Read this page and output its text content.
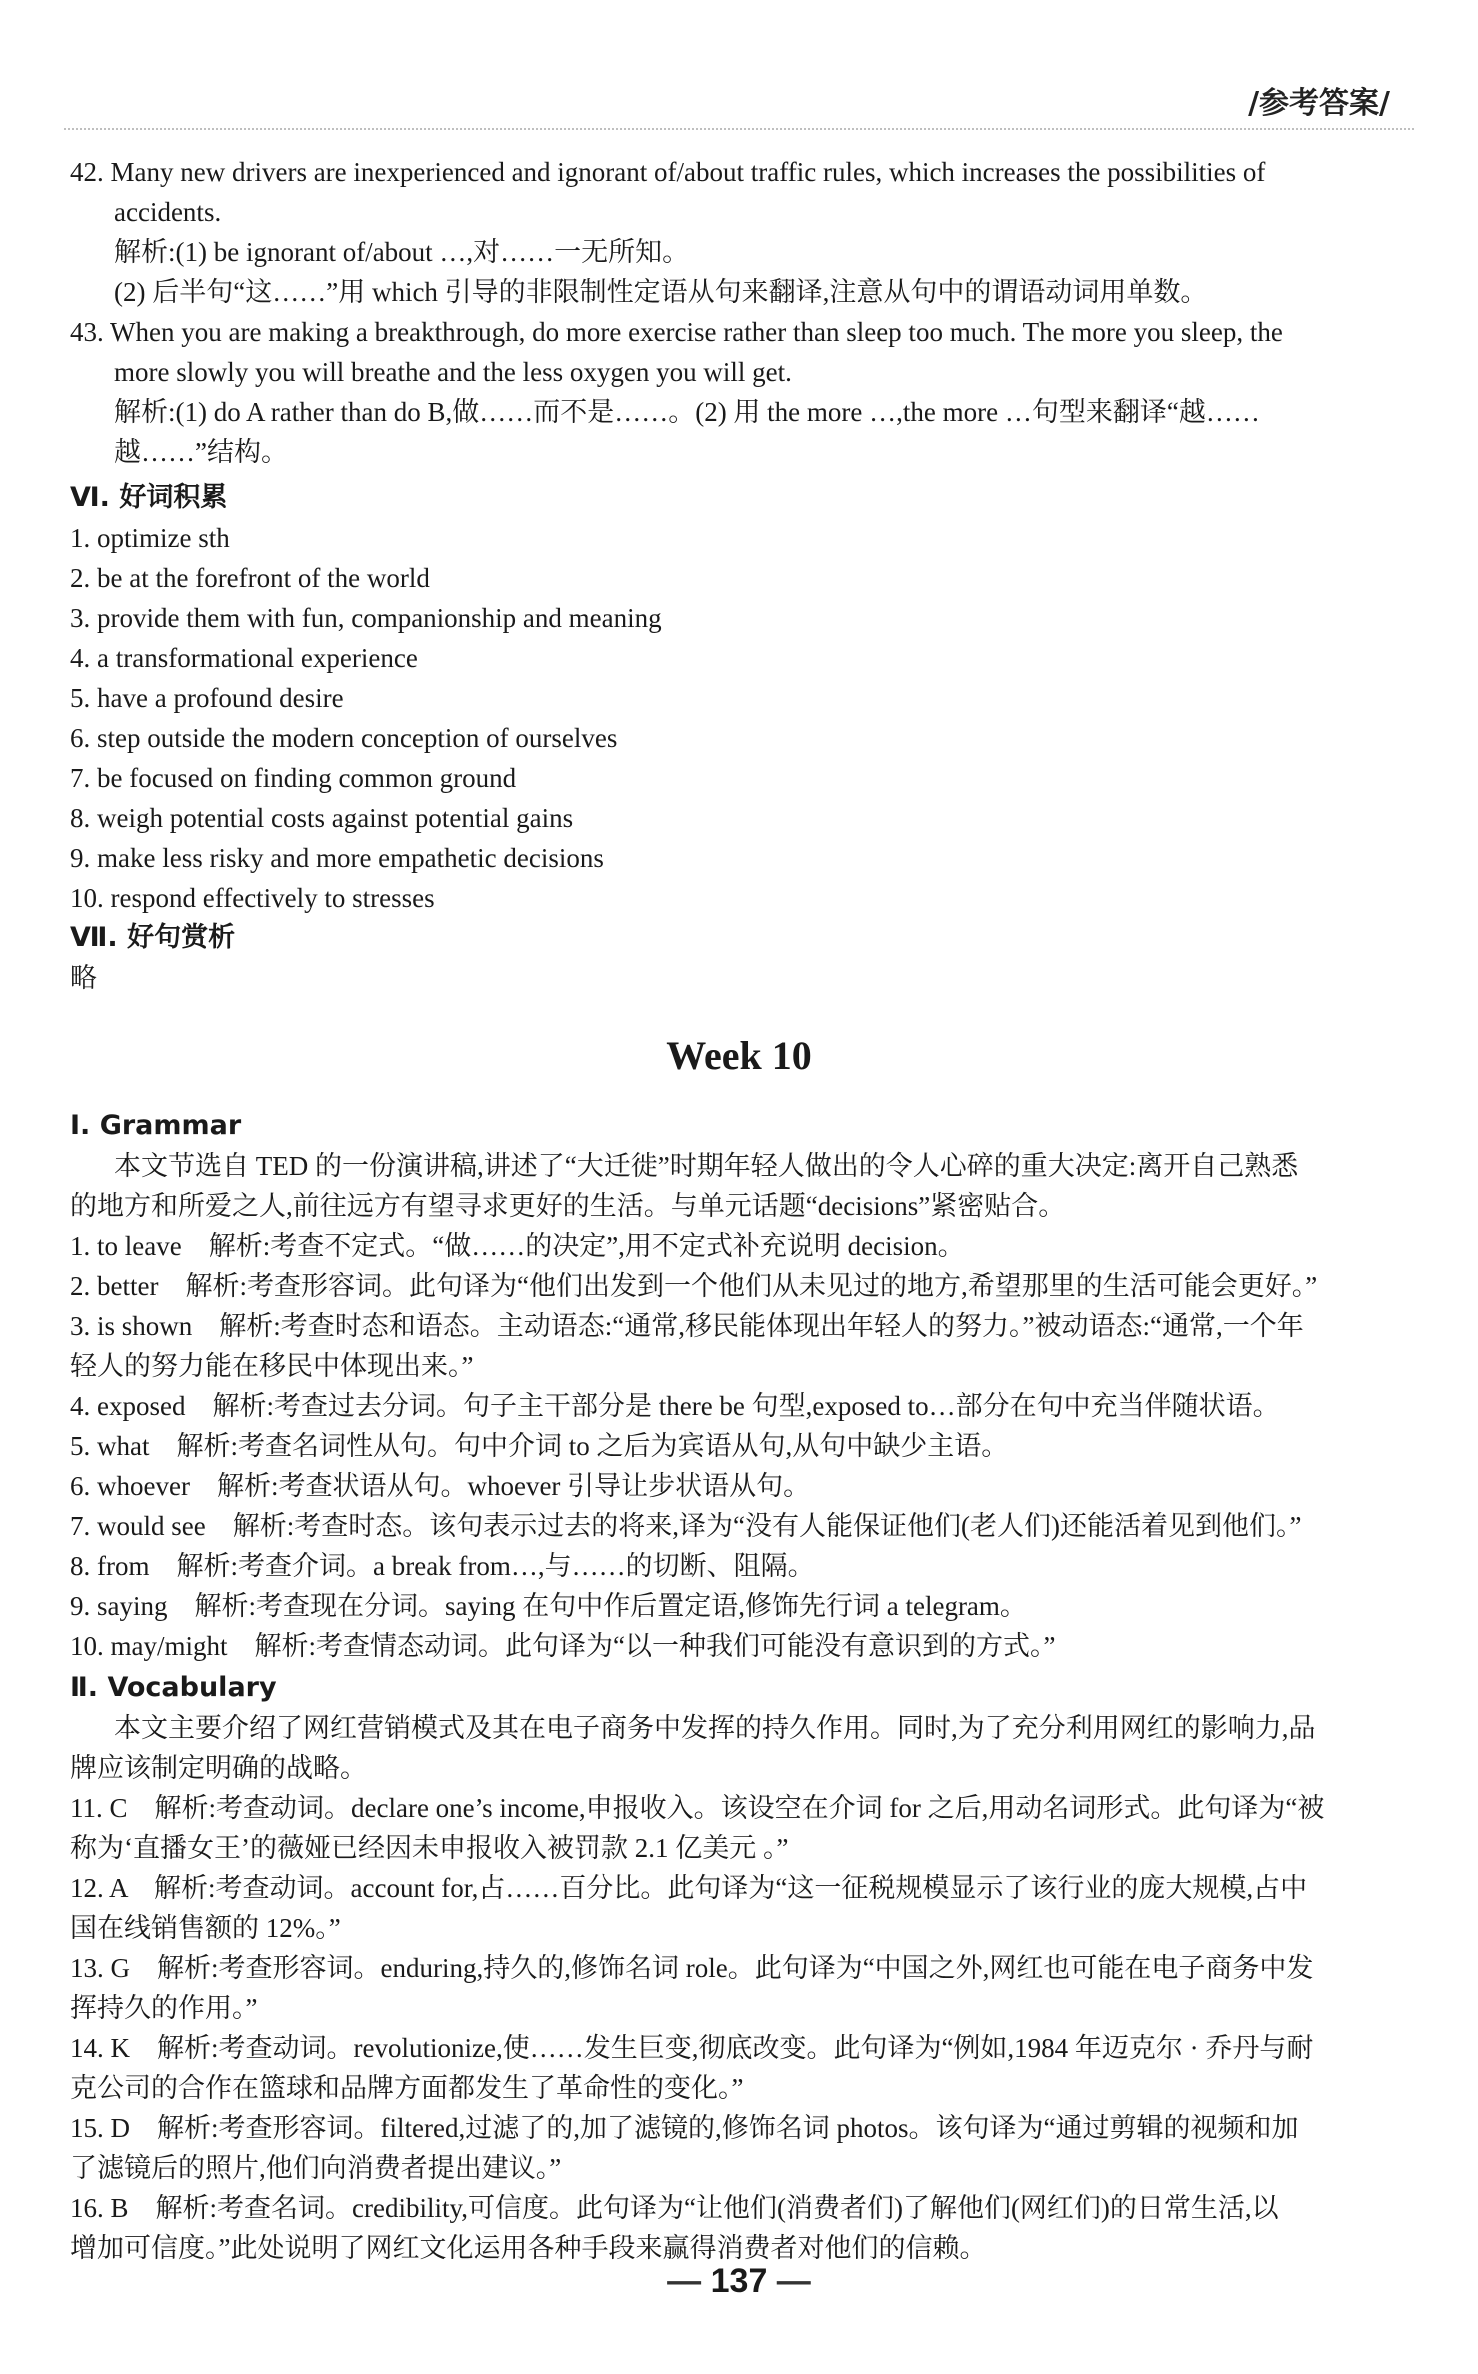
/参考答案/
42. Many new drivers are inexperienced and ignorant of/about traffic rules, which increases the possibilities of
accidents.
解析:(1) be ignorant of/about …,对……一无所知。
(2) 后半句“这……”用 which 引导的非限制性定语从句来翻译,注意从句中的谓语动词用单数。
43. When you are making a breakthrough, do more exercise rather than sleep too much. The more you sleep, the
more slowly you will breathe and the less oxygen you will get.
解析:(1) do A rather than do B,做……而不是……。(2) 用 the more …,the more …句型来翻译“越……
越……”结构。
Ⅵ. 好词积累
1. optimize sth
2. be at the forefront of the world
3. provide them with fun, companionship and meaning
4. a transformational experience
5. have a profound desire
6. step outside the modern conception of ourselves
7. be focused on finding common ground
8. weigh potential costs against potential gains
9. make less risky and more empathetic decisions
10. respond effectively to stresses
Ⅶ. 好句赏析
略
Week 10
Ⅰ. Grammar
本文节选自 TED 的一份演讲稿,讲述了“大迁徙”时期年轻人做出的令人心碎的重大决定:离开自己熟悉
的地方和所爱之人,前往远方有望寻求更好的生活。与单元话题“decisions”紧密贴合。
1. to leave　解析:考查不定式。“做……的决定”,用不定式补充说明 decision。
2. better　解析:考查形容词。此句译为“他们出发到一个他们从未见过的地方,希望那里的生活可能会更好。”
3. is shown　解析:考查时态和语态。主动语态:“通常,移民能体现出年轻人的努力。”被动语态:“通常,一个年
轻人的努力能在移民中体现出来。”
4. exposed　解析:考查过去分词。句子主干部分是 there be 句型,exposed to…部分在句中充当伴随状语。
5. what　解析:考查名词性从句。句中介词 to 之后为宾语从句,从句中缺少主语。
6. whoever　解析:考查状语从句。whoever 引导让步状语从句。
7. would see　解析:考查时态。该句表示过去的将来,译为“没有人能保证他们(老人们)还能活着见到他们。”
8. from　解析:考查介词。a break from…,与……的切断、阻隔。
9. saying　解析:考查现在分词。saying 在句中作后置定语,修饰先行词 a telegram。
10. may/might　解析:考查情态动词。此句译为“以一种我们可能没有意识到的方式。”
Ⅱ. Vocabulary
本文主要介绍了网红营销模式及其在电子商务中发挥的持久作用。同时,为了充分利用网红的影响力,品
牌应该制定明确的战略。
11. C　解析:考查动词。declare one’s income,申报收入。该设空在介词 for 之后,用动名词形式。此句译为“被
称为‘直播女王’的薇娅已经因未申报收入被罚款 2.1 亿美元 。”
12. A　解析:考查动词。account for,占……百分比。此句译为“这一征税规模显示了该行业的庞大规模,占中
国在线销售额的 12%。”
13. G　解析:考查形容词。enduring,持久的,修饰名词 role。此句译为“中国之外,网红也可能在电子商务中发
挥持久的作用。”
14. K　解析:考查动词。revolutionize,使……发生巨变,彻底改变。此句译为“例如,1984 年迈克尔 · 乔丹与耐
克公司的合作在篮球和品牌方面都发生了革命性的变化。”
15. D　解析:考查形容词。filtered,过滤了的,加了滤镜的,修饰名词 photos。该句译为“通过剪辑的视频和加
了滤镜后的照片,他们向消费者提出建议。”
16. B　解析:考查名词。credibility,可信度。此句译为“让他们(消费者们)了解他们(网红们)的日常生活,以
增加可信度。”此处说明了网红文化运用各种手段来赢得消费者对他们的信赖。
— 137 —
